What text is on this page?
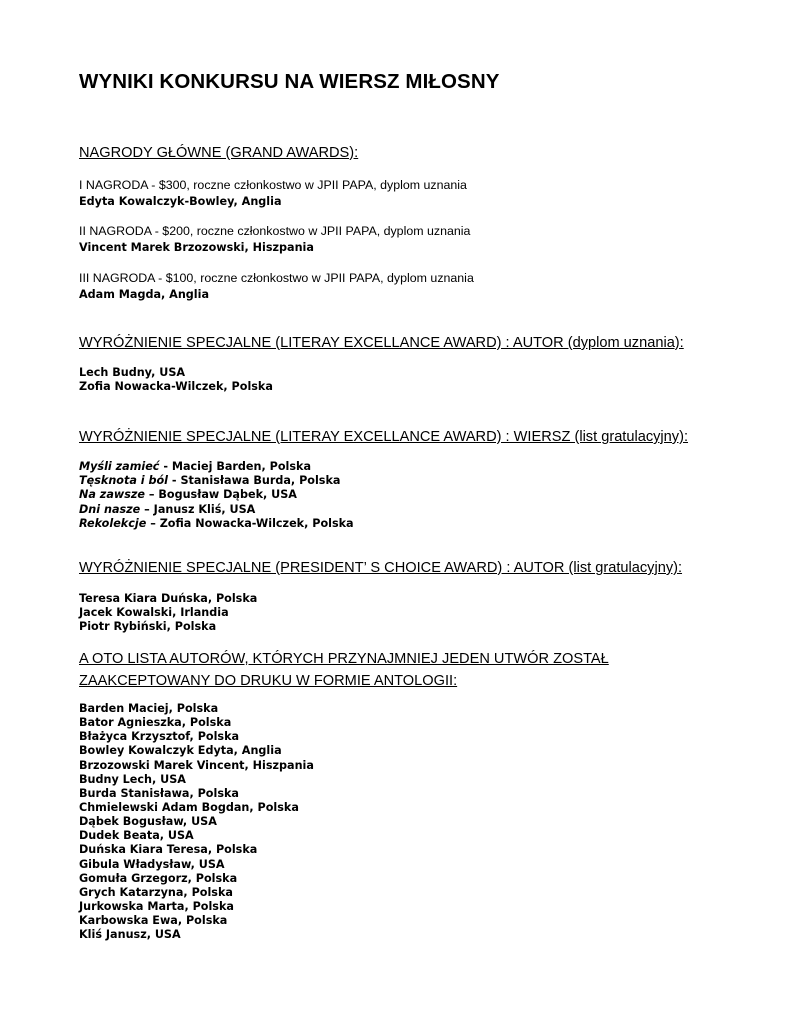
WYNIKI KONKURSU NA WIERSZ MIŁOSNY

NAGRODY GŁÓWNE (GRAND AWARDS):

I NAGRODA - $300, roczne członkostwo w JPII PAPA, dyplom uznania

Edyta Kowalczyk-Bowley, Anglia

II NAGRODA - $200, roczne członkostwo w JPII PAPA, dyplom uznania

Vincent Marek Brzozowski, Hiszpania

III NAGRODA - $100, roczne członkostwo w JPII PAPA, dyplom uznania

Adam Magda, Anglia

WYRÓŻNIENIE SPECJALNE (LITERAY EXCELLANCE AWARD) : AUTOR (dyplom uznania):

Lech Budny, USA
Zofia Nowacka-Wilczek, Polska

WYRÓŻNIENIE SPECJALNE (LITERAY EXCELLANCE AWARD) : WIERSZ (list gratulacyjny):

Myśli zamieć - Maciej Barden, Polska
Tęsknota i ból - Stanisława Burda, Polska
Na zawsze – Bogusław Dąbek, USA
Dni nasze – Janusz Kliś, USA
Rekolekcje – Zofia Nowacka-Wilczek, Polska

WYRÓŻNIENIE SPECJALNE (PRESIDENT’ S CHOICE AWARD) : AUTOR (list gratulacyjny):

Teresa Kiara Duńska, Polska
Jacek Kowalski, Irlandia
Piotr Rybiński, Polska
A OTO LISTA AUTORÓW, KTÓRYCH PRZYNAJMNIEJ JEDEN UTWÓR ZOSTAŁ
ZAAKCEPTOWANY DO DRUKU W FORMIE ANTOLOGII:
Barden Maciej, Polska
Bator Agnieszka, Polska
Błażyca Krzysztof, Polska
Bowley Kowalczyk Edyta, Anglia
Brzozowski Marek Vincent, Hiszpania
Budny Lech, USA
Burda Stanisława, Polska
Chmielewski Adam Bogdan, Polska
Dąbek Bogusław, USA
Dudek Beata, USA
Duńska Kiara Teresa, Polska
Gibula Władysław, USA
Gomuła Grzegorz, Polska
Grych Katarzyna, Polska
Jurkowska Marta, Polska
Karbowska Ewa, Polska
Kliś Janusz, USA
